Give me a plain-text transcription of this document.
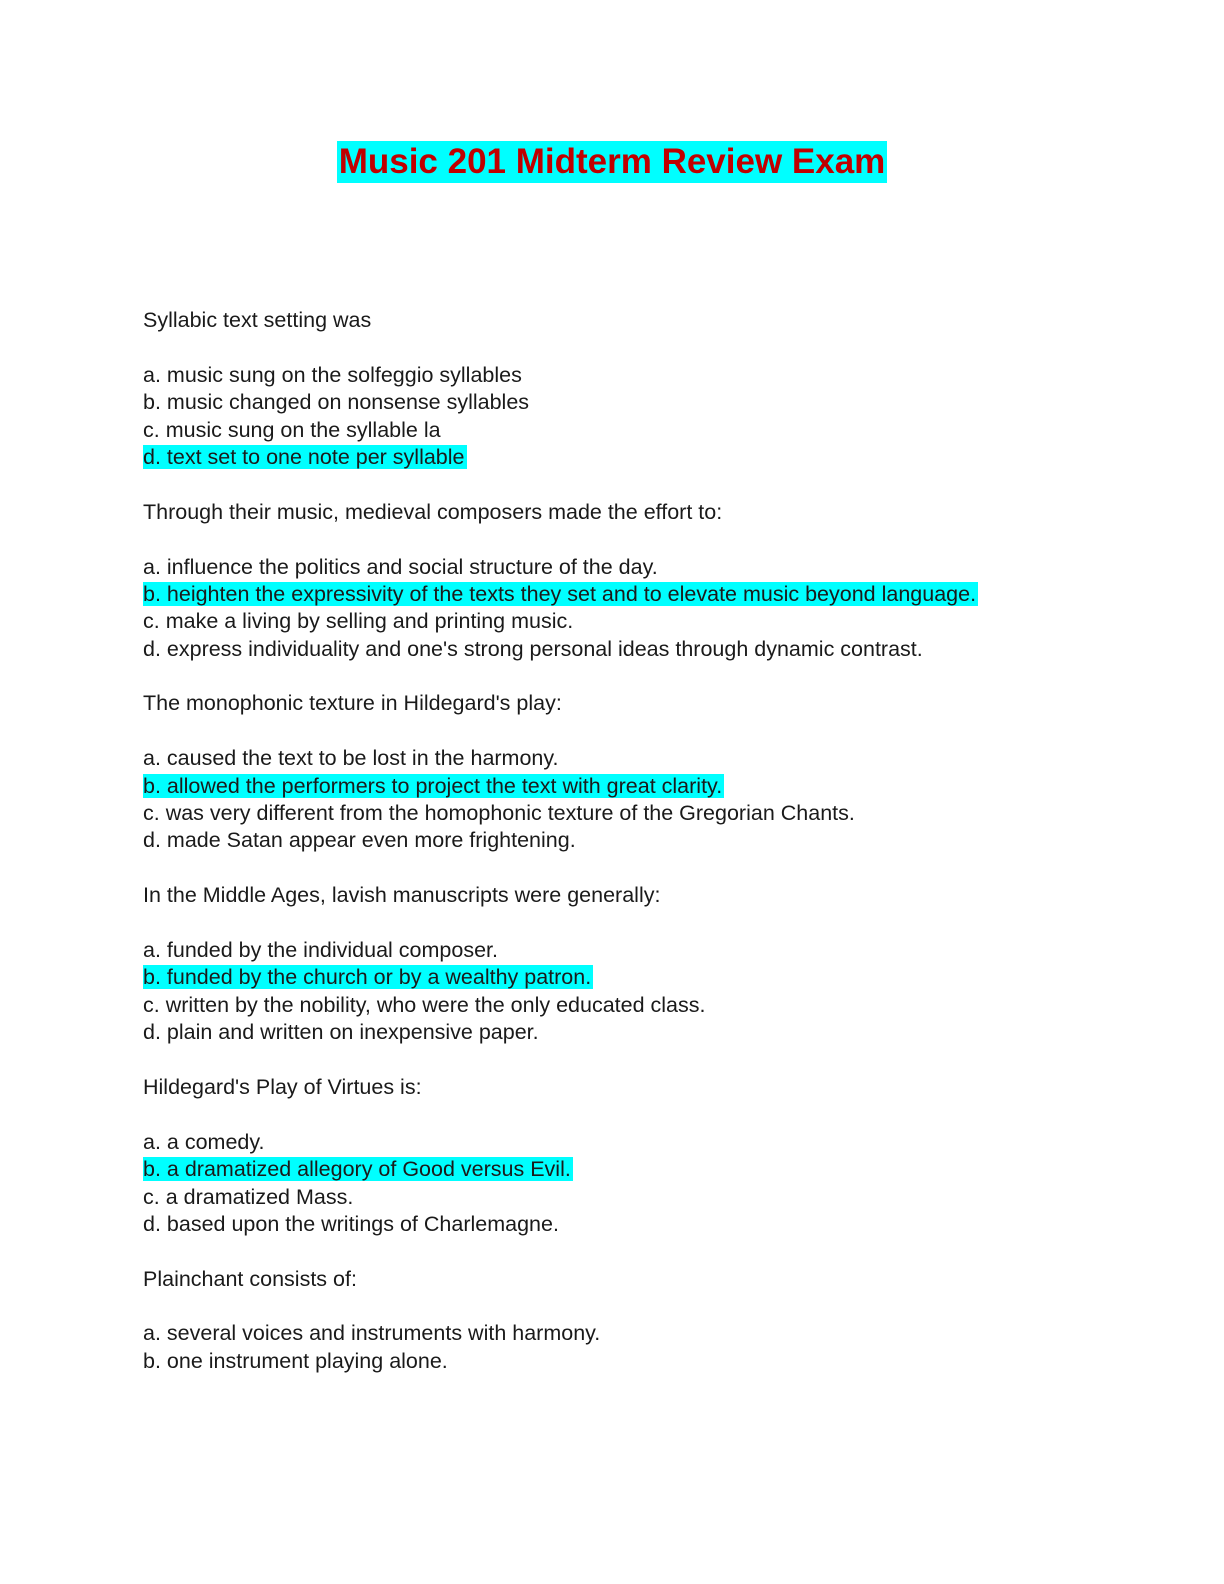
Music 201 Midterm Review Exam
Syllabic text setting was
a. music sung on the solfeggio syllables
b. music changed on nonsense syllables
c. music sung on the syllable la
d. text set to one note per syllable
Through their music, medieval composers made the effort to:
a. influence the politics and social structure of the day.
b. heighten the expressivity of the texts they set and to elevate music beyond language.
c. make a living by selling and printing music.
d. express individuality and one's strong personal ideas through dynamic contrast.
The monophonic texture in Hildegard's play:
a. caused the text to be lost in the harmony.
b. allowed the performers to project the text with great clarity.
c. was very different from the homophonic texture of the Gregorian Chants.
d. made Satan appear even more frightening.
In the Middle Ages, lavish manuscripts were generally:
a. funded by the individual composer.
b. funded by the church or by a wealthy patron.
c. written by the nobility, who were the only educated class.
d. plain and written on inexpensive paper.
Hildegard's Play of Virtues is:
a. a comedy.
b. a dramatized allegory of Good versus Evil.
c. a dramatized Mass.
d. based upon the writings of Charlemagne.
Plainchant consists of:
a. several voices and instruments with harmony.
b. one instrument playing alone.
